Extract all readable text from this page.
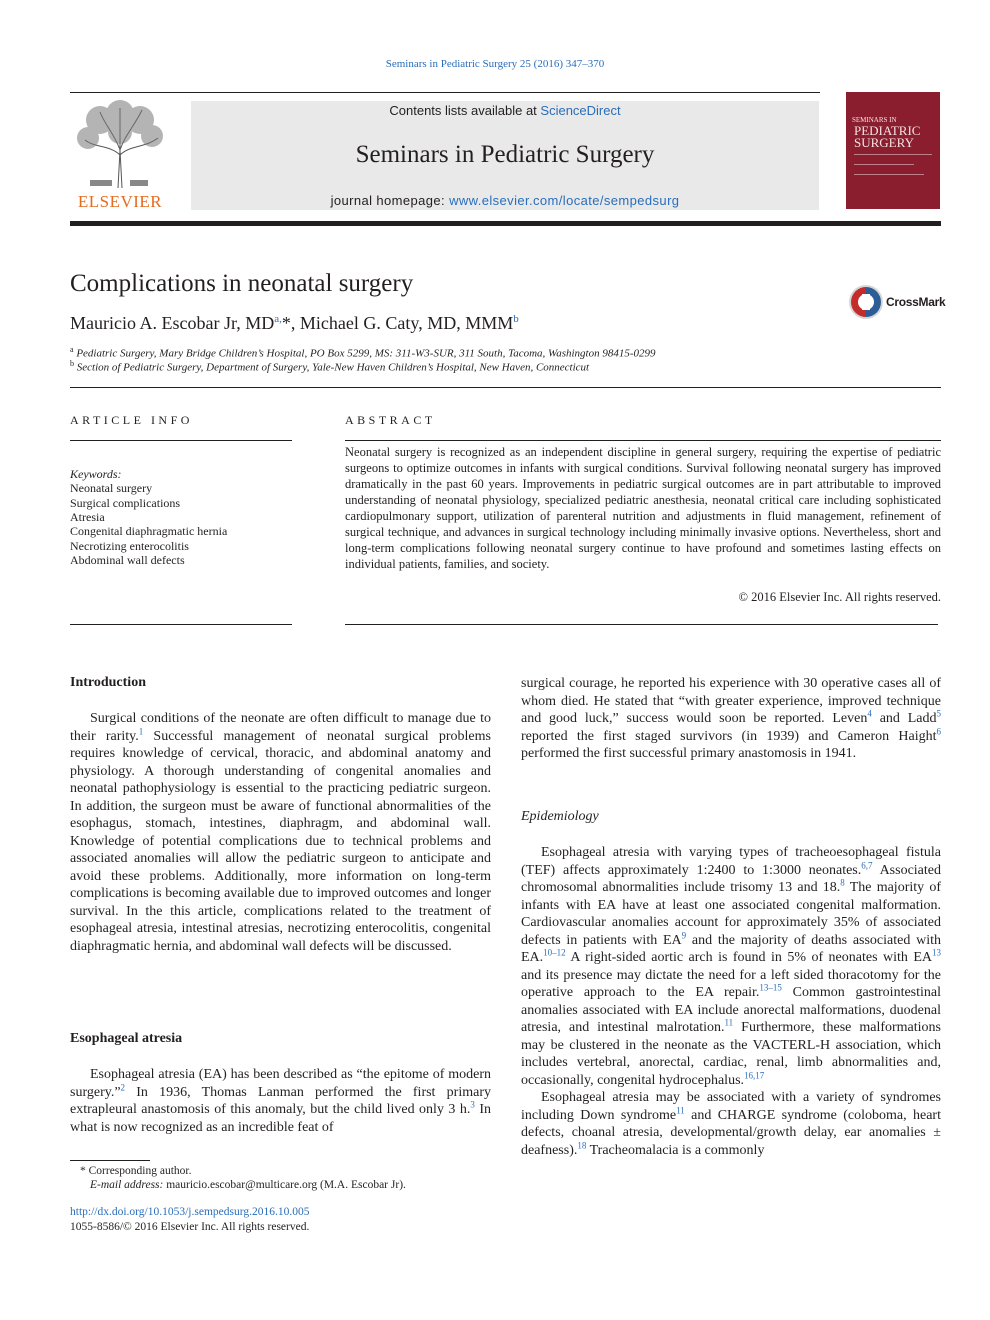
Seminars in Pediatric Surgery 25 (2016) 347–370
ELSEVIER
Contents lists available at ScienceDirect
Seminars in Pediatric Surgery
journal homepage: www.elsevier.com/locate/sempedsurg
SEMINARS IN
PEDIATRIC
SURGERY
Complications in neonatal surgery
CrossMark
Mauricio A. Escobar Jr, $MD^{a,}*$, Michael G. Caty, MD, MMM$^b$
$^a$ Pediatric Surgery, Mary Bridge Children’s Hospital, PO Box 5299, MS: 311-W3-SUR, 311 South, Tacoma, Washington 98415-0299
$^b$ Section of Pediatric Surgery, Department of Surgery, Yale-New Haven Children’s Hospital, New Haven, Connecticut
ARTICLE INFO
Keywords:
Neonatal surgery
Surgical complications
Atresia
Congenital diaphragmatic hernia
Necrotizing enterocolitis
Abdominal wall defects
ABSTRACT
Neonatal surgery is recognized as an independent discipline in general surgery, requiring the expertise of pediatric surgeons to optimize outcomes in infants with surgical conditions. Survival following neonatal surgery has improved dramatically in the past 60 years. Improvements in pediatric surgical outcomes are in part attributable to improved understanding of neonatal physiology, specialized pediatric anesthesia, neonatal critical care including sophisticated cardiopulmonary support, utilization of parenteral nutrition and adjustments in fluid management, refinement of surgical technique, and advances in surgical technology including minimally invasive options. Nevertheless, short and long-term complications following neonatal surgery continue to have profound and sometimes lasting effects on individual patients, families, and society.
© 2016 Elsevier Inc. All rights reserved.
Introduction

Surgical conditions of the neonate are often difficult to manage due to their rarity.$^1$ Successful management of neonatal surgical problems requires knowledge of cervical, thoracic, and abdominal anatomy and physiology. A thorough understanding of congenital anomalies and neonatal pathophysiology is essential to the practicing pediatric surgeon. In addition, the surgeon must be aware of functional abnormalities of the esophagus, stomach, intestines, diaphragm, and abdominal wall. Knowledge of potential complications due to technical problems and associated anomalies will allow the pediatric surgeon to anticipate and avoid these problems. Additionally, more information on long-term complications is becoming available due to improved outcomes and longer survival. In the this article, complications related to the treatment of esophageal atresia, intestinal atresias, necrotizing enterocolitis, congenital diaphragmatic hernia, and abdominal wall defects will be discussed.

Esophageal atresia

Esophageal atresia (EA) has been described as “the epitome of modern surgery.”$^2$ In 1936, Thomas Lanman performed the first primary extrapleural anastomosis of this anomaly, but the child lived only 3 h.$^3$ In what is now recognized as an incredible feat of

* Corresponding author.
E-mail address: mauricio.escobar@multicare.org (M.A. Escobar Jr).
http://dx.doi.org/10.1053/j.sempedsurg.2016.10.005
1055-8586/© 2016 Elsevier Inc. All rights reserved.

surgical courage, he reported his experience with 30 operative cases all of whom died. He stated that “with greater experience, improved technique and good luck,” success would soon be reported. Leven$^4$ and Ladd$^5$ reported the first staged survivors (in 1939) and Cameron Haight$^6$ performed the first successful primary anastomosis in 1941.

Epidemiology

Esophageal atresia with varying types of tracheoesophageal fistula (TEF) affects approximately 1:2400 to 1:3000 neonates.$^{6,7}$ Associated chromosomal abnormalities include trisomy 13 and 18.$^8$ The majority of infants with EA have at least one associated congenital malformation. Cardiovascular anomalies account for approximately 35% of associated defects in patients with EA$^9$ and the majority of deaths associated with EA.$^{10-12}$ A right-sided aortic arch is found in 5% of neonates with EA$^{13}$ and its presence may dictate the need for a left sided thoracotomy for the operative approach to the EA repair.$^{13-15}$ Common gastrointestinal anomalies associated with EA include anorectal malformations, duodenal atresia, and intestinal malrotation.$^{11}$ Furthermore, these malformations may be clustered in the neonate as the VACTERL-H association, which includes vertebral, anorectal, cardiac, renal, limb abnormalities and, occasionally, congenital hydrocephalus.$^{16,17}$

Esophageal atresia may be associated with a variety of syndromes including Down syndrome$^{11}$ and CHARGE syndrome (coloboma, heart defects, choanal atresia, developmental/growth delay, ear anomalies ± deafness).$^{18}$ Tracheomalacia is a commonly
